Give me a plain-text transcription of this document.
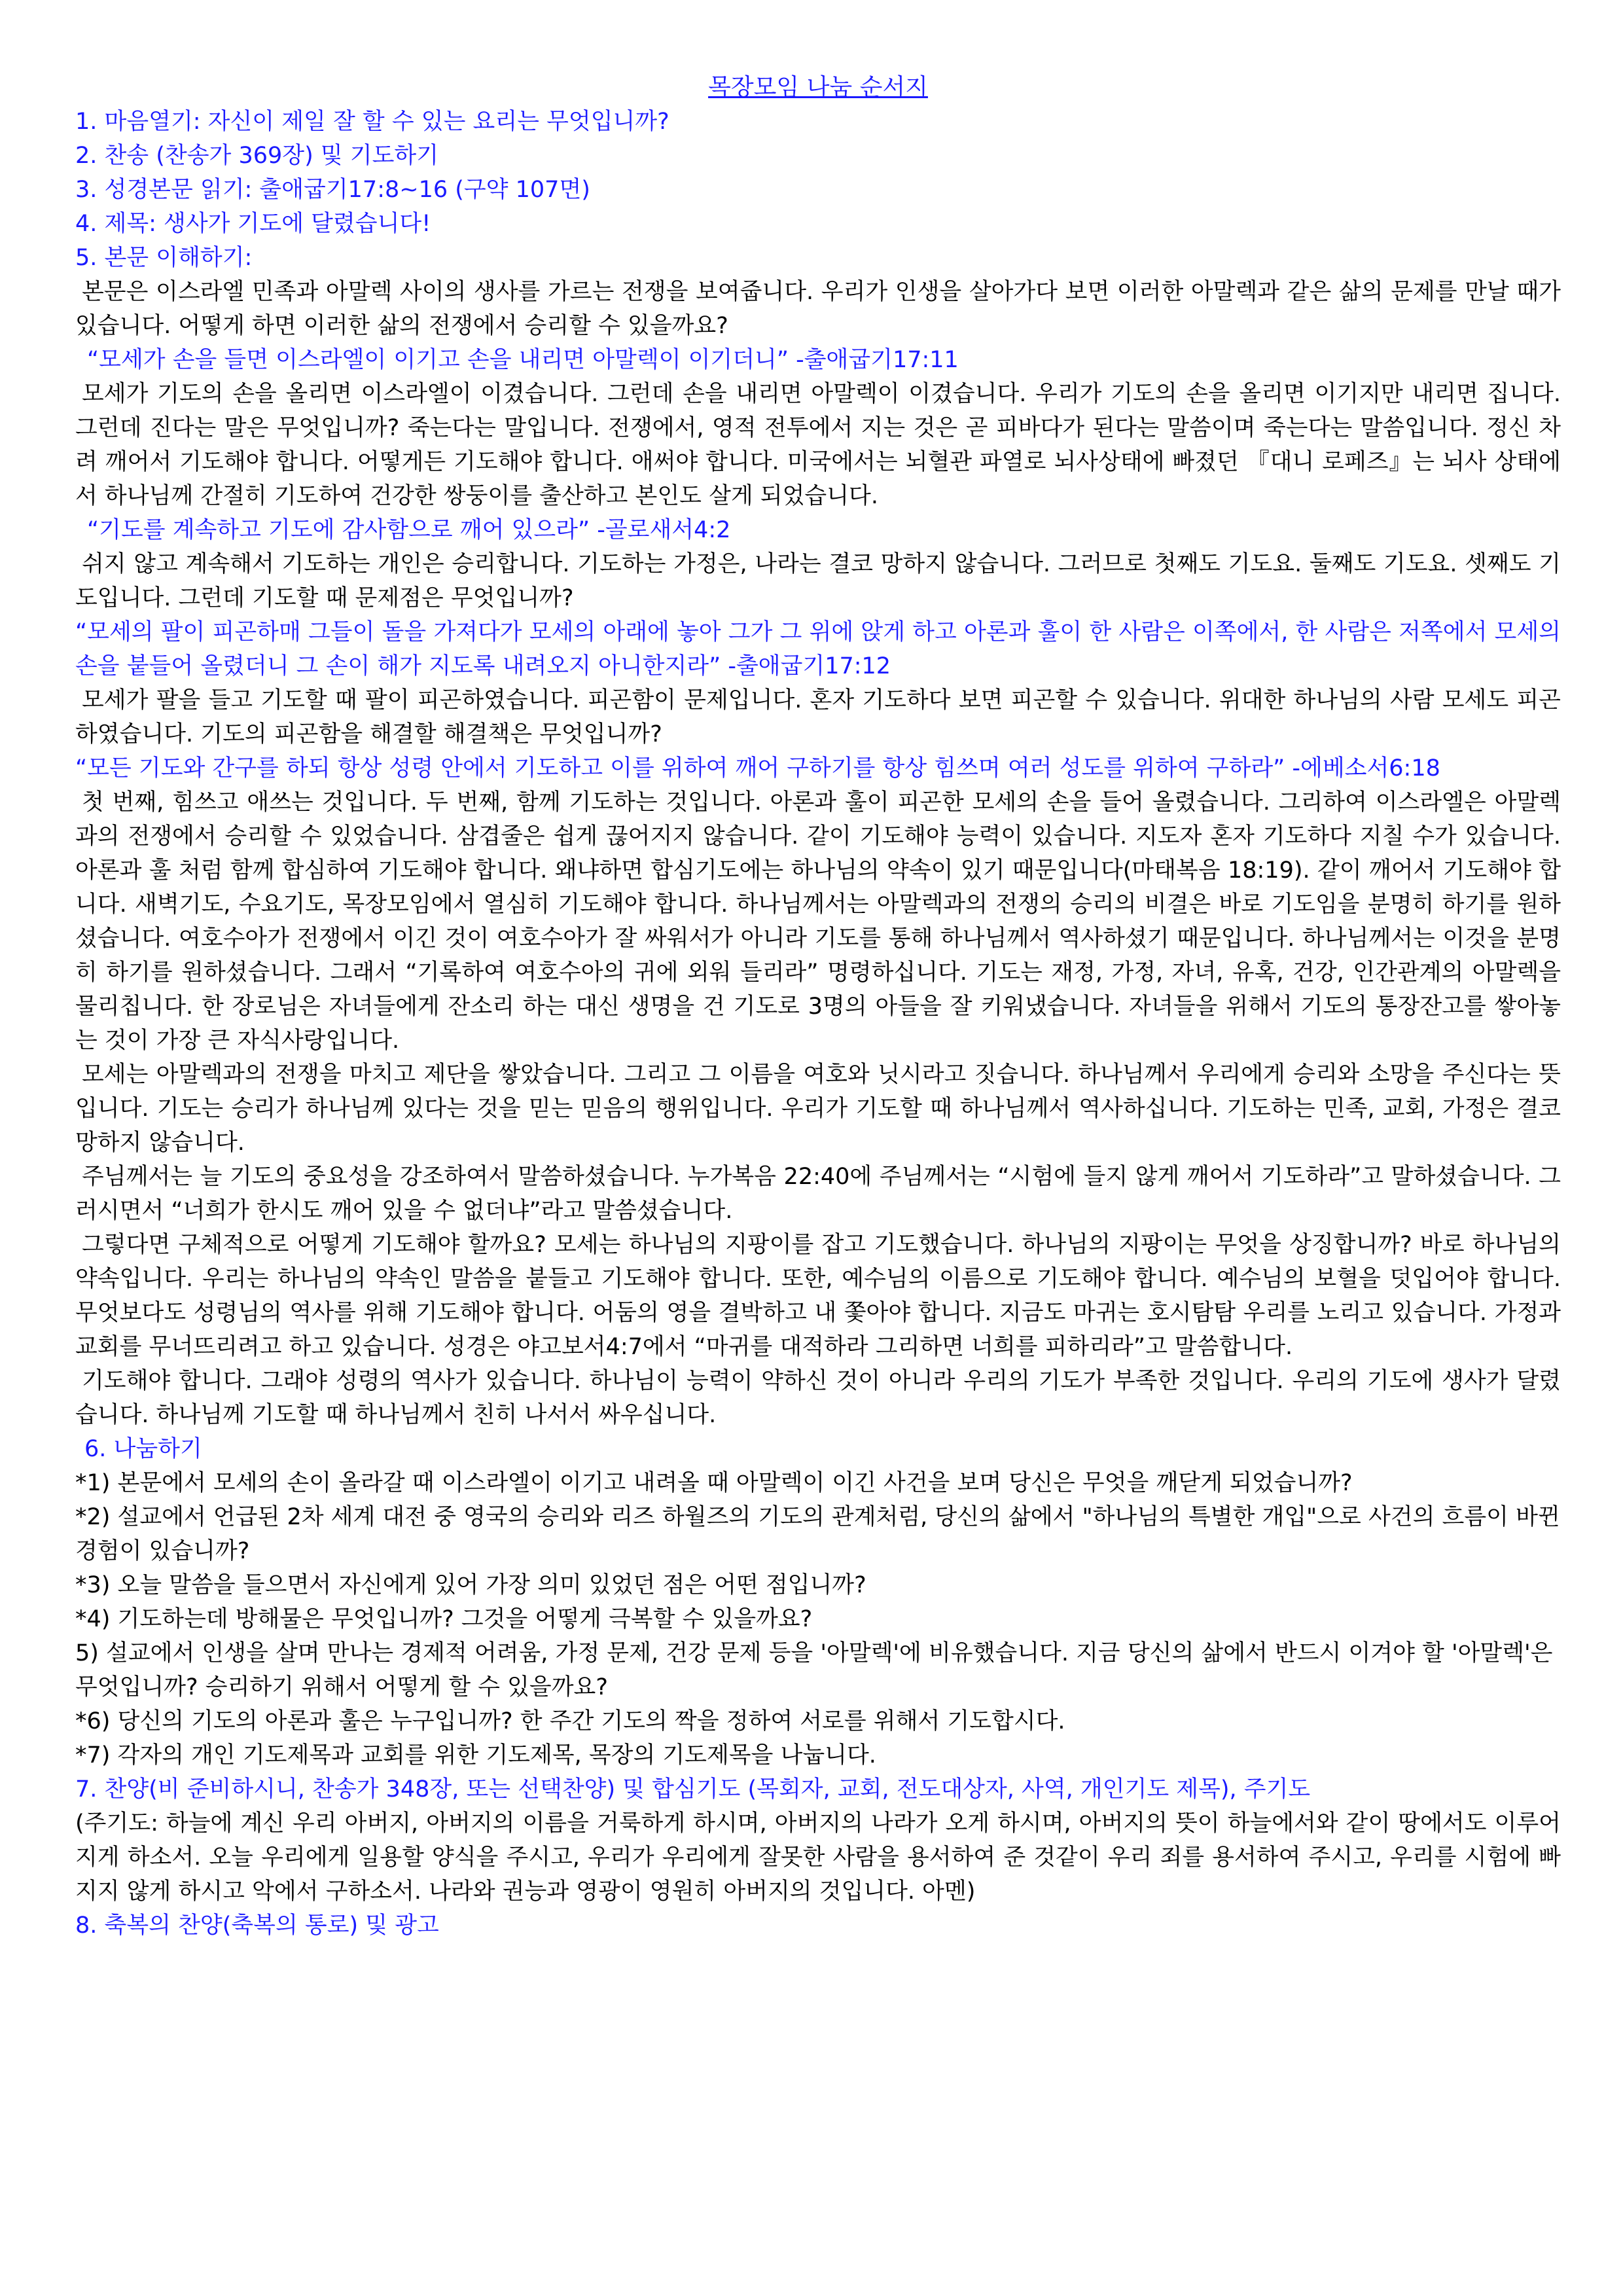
목장모임 나눔 순서지

1. 마음열기: 자신이 제일 잘 할 수 있는 요리는 무엇입니까?

2. 찬송 (찬송가 369장) 및 기도하기

3. 성경본문 읽기: 출애굽기17:8~16 (구약 107면)

4. 제목: 생사가 기도에 달렸습니다!

5. 본문 이해하기:

본문은 이스라엘 민족과 아말렉 사이의 생사를 가르는 전쟁을 보여줍니다. 우리가 인생을 살아가다 보면 이러한 아말렉과 같은 삶의 문제를 만날 때가 있습니다. 어떻게 하면 이러한 삶의 전쟁에서 승리할 수 있을까요?

“모세가 손을 들면 이스라엘이 이기고 손을 내리면 아말렉이 이기더니” -출애굽기17:11

모세가 기도의 손을 올리면 이스라엘이 이겼습니다. 그런데 손을 내리면 아말렉이 이겼습니다. 우리가 기도의 손을 올리면 이기지만 내리면 집니다. 그런데 진다는 말은 무엇입니까? 죽는다는 말입니다. 전쟁에서, 영적 전투에서 지는 것은 곧 피바다가 된다는 말씀이며 죽는다는 말씀입니다. 정신 차려 깨어서 기도해야 합니다. 어떻게든 기도해야 합니다. 애써야 합니다. 미국에서는 뇌혈관 파열로 뇌사상태에 빠졌던 『대니 로페즈』는 뇌사 상태에서 하나님께 간절히 기도하여 건강한 쌍둥이를 출산하고 본인도 살게 되었습니다.

“기도를 계속하고 기도에 감사함으로 깨어 있으라” -골로새서4:2

쉬지 않고 계속해서 기도하는 개인은 승리합니다. 기도하는 가정은, 나라는 결코 망하지 않습니다. 그러므로 첫째도 기도요. 둘째도 기도요. 셋째도 기도입니다. 그런데 기도할 때 문제점은 무엇입니까?

“모세의 팔이 피곤하매 그들이 돌을 가져다가 모세의 아래에 놓아 그가 그 위에 앉게 하고 아론과 훌이 한 사람은 이쪽에서, 한 사람은 저쪽에서 모세의 손을 붙들어 올렸더니 그 손이 해가 지도록 내려오지 아니한지라” -출애굽기17:12

모세가 팔을 들고 기도할 때 팔이 피곤하였습니다. 피곤함이 문제입니다. 혼자 기도하다 보면 피곤할 수 있습니다. 위대한 하나님의 사람 모세도 피곤하였습니다. 기도의 피곤함을 해결할 해결책은 무엇입니까?

“모든 기도와 간구를 하되 항상 성령 안에서 기도하고 이를 위하여 깨어 구하기를 항상 힘쓰며 여러 성도를 위하여 구하라” -에베소서6:18

첫 번째, 힘쓰고 애쓰는 것입니다. 두 번째, 함께 기도하는 것입니다. 아론과 훌이 피곤한 모세의 손을 들어 올렸습니다. 그리하여 이스라엘은 아말렉과의 전쟁에서 승리할 수 있었습니다. 삼겹줄은 쉽게 끊어지지 않습니다. 같이 기도해야 능력이 있습니다. 지도자 혼자 기도하다 지칠 수가 있습니다. 아론과 훌 처럼 함께 합심하여 기도해야 합니다. 왜냐하면 합심기도에는 하나님의 약속이 있기 때문입니다(마태복음 18:19). 같이 깨어서 기도해야 합니다. 새벽기도, 수요기도, 목장모임에서 열심히 기도해야 합니다. 하나님께서는 아말렉과의 전쟁의 승리의 비결은 바로 기도임을 분명히 하기를 원하셨습니다. 여호수아가 전쟁에서 이긴 것이 여호수아가 잘 싸워서가 아니라 기도를 통해 하나님께서 역사하셨기 때문입니다. 하나님께서는 이것을 분명히 하기를 원하셨습니다. 그래서 “기록하여 여호수아의 귀에 외워 들리라” 명령하십니다. 기도는 재정, 가정, 자녀, 유혹, 건강, 인간관계의 아말렉을 물리칩니다. 한 장로님은 자녀들에게 잔소리 하는 대신 생명을 건 기도로 3명의 아들을 잘 키워냈습니다. 자녀들을 위해서 기도의 통장잔고를 쌓아놓는 것이 가장 큰 자식사랑입니다.

모세는 아말렉과의 전쟁을 마치고 제단을 쌓았습니다. 그리고 그 이름을 여호와 닛시라고 짓습니다. 하나님께서 우리에게 승리와 소망을 주신다는 뜻입니다. 기도는 승리가 하나님께 있다는 것을 믿는 믿음의 행위입니다. 우리가 기도할 때 하나님께서 역사하십니다. 기도하는 민족, 교회, 가정은 결코 망하지 않습니다.

주님께서는 늘 기도의 중요성을 강조하여서 말씀하셨습니다. 누가복음 22:40에 주님께서는 “시험에 들지 않게 깨어서 기도하라”고 말하셨습니다. 그러시면서 “너희가 한시도 깨어 있을 수 없더냐”라고 말씀셨습니다.

그렇다면 구체적으로 어떻게 기도해야 할까요? 모세는 하나님의 지팡이를 잡고 기도했습니다. 하나님의 지팡이는 무엇을 상징합니까? 바로 하나님의 약속입니다. 우리는 하나님의 약속인 말씀을 붙들고 기도해야 합니다. 또한, 예수님의 이름으로 기도해야 합니다. 예수님의 보혈을 덧입어야 합니다. 무엇보다도 성령님의 역사를 위해 기도해야 합니다. 어둠의 영을 결박하고 내 쫓아야 합니다. 지금도 마귀는 호시탐탐 우리를 노리고 있습니다. 가정과 교회를 무너뜨리려고 하고 있습니다. 성경은 야고보서4:7에서 “마귀를 대적하라 그리하면 너희를 피하리라”고 말씀합니다.

기도해야 합니다. 그래야 성령의 역사가 있습니다. 하나님이 능력이 약하신 것이 아니라 우리의 기도가 부족한 것입니다. 우리의 기도에 생사가 달렸습니다. 하나님께 기도할 때 하나님께서 친히 나서서 싸우십니다.

6. 나눔하기

*1) 본문에서 모세의 손이 올라갈 때 이스라엘이 이기고 내려올 때 아말렉이 이긴 사건을 보며 당신은 무엇을 깨닫게 되었습니까?

*2) 설교에서 언급된 2차 세계 대전 중 영국의 승리와 리즈 하월즈의 기도의 관계처럼, 당신의 삶에서 "하나님의 특별한 개입"으로 사건의 흐름이 바뀐 경험이 있습니까?

*3) 오늘 말씀을 들으면서 자신에게 있어 가장 의미 있었던 점은 어떤 점입니까?

*4) 기도하는데 방해물은 무엇입니까? 그것을 어떻게 극복할 수 있을까요?

5) 설교에서 인생을 살며 만나는 경제적 어려움, 가정 문제, 건강 문제 등을 '아말렉'에 비유했습니다. 지금 당신의 삶에서 반드시 이겨야 할 '아말렉'은 무엇입니까? 승리하기 위해서 어떻게 할 수 있을까요?

*6) 당신의 기도의 아론과 훌은 누구입니까? 한 주간 기도의 짝을 정하여 서로를 위해서 기도합시다.

*7) 각자의 개인 기도제목과 교회를 위한 기도제목, 목장의 기도제목을 나눕니다.

7. 찬양(비 준비하시니, 찬송가 348장, 또는 선택찬양) 및 합심기도 (목회자, 교회, 전도대상자, 사역, 개인기도 제목), 주기도

(주기도: 하늘에 계신 우리 아버지, 아버지의 이름을 거룩하게 하시며, 아버지의 나라가 오게 하시며, 아버지의 뜻이 하늘에서와 같이 땅에서도 이루어지게 하소서. 오늘 우리에게 일용할 양식을 주시고, 우리가 우리에게 잘못한 사람을 용서하여 준 것같이 우리 죄를 용서하여 주시고, 우리를 시험에 빠지지 않게 하시고 악에서 구하소서. 나라와 권능과 영광이 영원히 아버지의 것입니다. 아멘)

8. 축복의 찬양(축복의 통로) 및 광고
